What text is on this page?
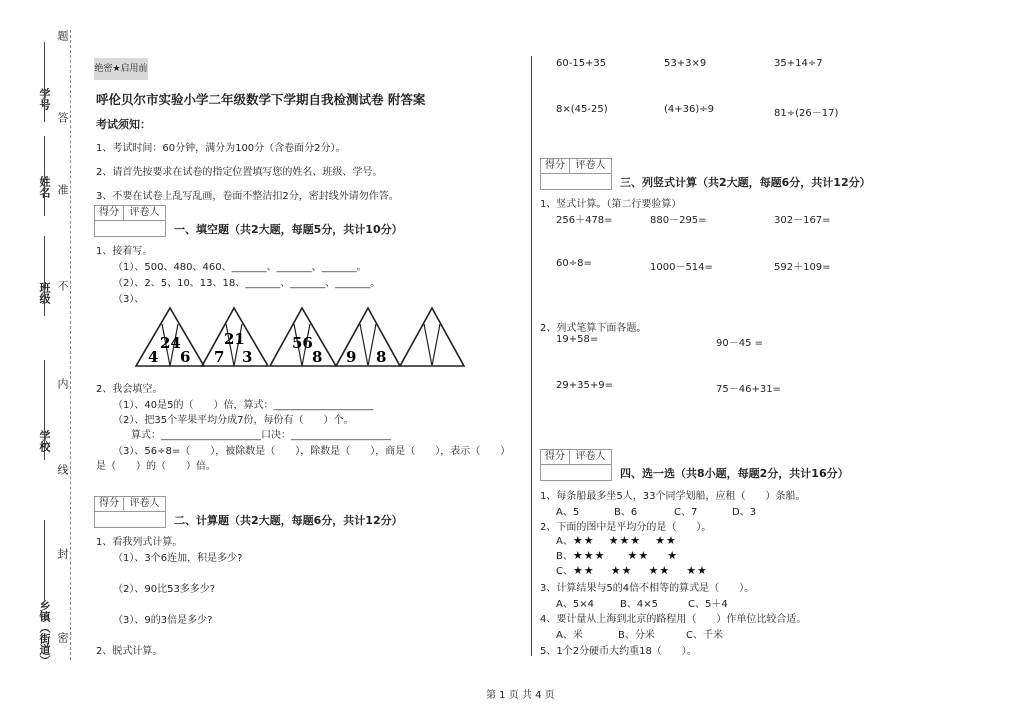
题
学号
答
姓名 准
班级 不
内
学校
线
封
乡镇（街道） 密
绝密★启用前
呼伦贝尔市实验小学二年级数学下学期自我检测试卷 附答案
考试须知：
1、考试时间：60分钟，满分为100分（含卷面分2分）。
2、请首先按要求在试卷的指定位置填写您的姓名、班级、学号。
3、不要在试卷上乱写乱画，卷面不整洁扣2分，密封线外请勿作答。
得分	评卷人
一、填空题（共2大题，每题5分，共计10分）
1、接着写。
（1）、500、480、460、_______、_______、_______。
（2）、2、5、10、13、18、_______、_______、_______。
（3）、
24
4 6
21
7 3
56
8 9 8
2、我会填空。
（1）、40是5的（　　）倍，算式：____________________
（2）、把35个苹果平均分成7份，每份有（　　）个。
算式：____________________口决：____________________
（3）、56÷8=（　　），被除数是（　　），除数是（　　），商是（　　），表示（　　）
是（　　）的（　　）倍。
得分	评卷人
二、计算题（共2大题，每题6分，共计12分）
1、看我列式计算。
（1）、3个6连加，积是多少?
（2）、90比53多多少?
（3）、9的3倍是多少?
2、脱式计算。
60-15+35	53+3×9	35+14÷7
8×(45-25)	(4+36)÷9	81÷(26－17)
得分	评卷人
三、列竖式计算（共2大题，每题6分，共计12分）
1、竖式计算。（第二行要验算）
256＋478=	880－295=	302－167=
60÷8=	1000－514=	592＋109=
2、列式笔算下面各题。
19+58=	90－45 =
29+35+9=	75－46+31=
得分	评卷人
四、选一选（共8小题，每题2分，共计16分）
1、每条船最多坐5人，33个同学划船，应租（　　）条船。
A、5	B、6	C、7	D、3
2、下面的图中是平均分的是（　　）。
A、★★ ★★★ ★★
B、★★★ ★★ ★
C、★★ ★★ ★★ ★★
3、计算结果与5的4倍不相等的算式是（　　）。
A、5×4	B、4×5	C、5＋4
4、要计量从上海到北京的路程用（　　）作单位比较合适。
A、米	B、分米	C、千米
5、1个2分硬币大约重18（　　）。
第 1 页 共 4 页
